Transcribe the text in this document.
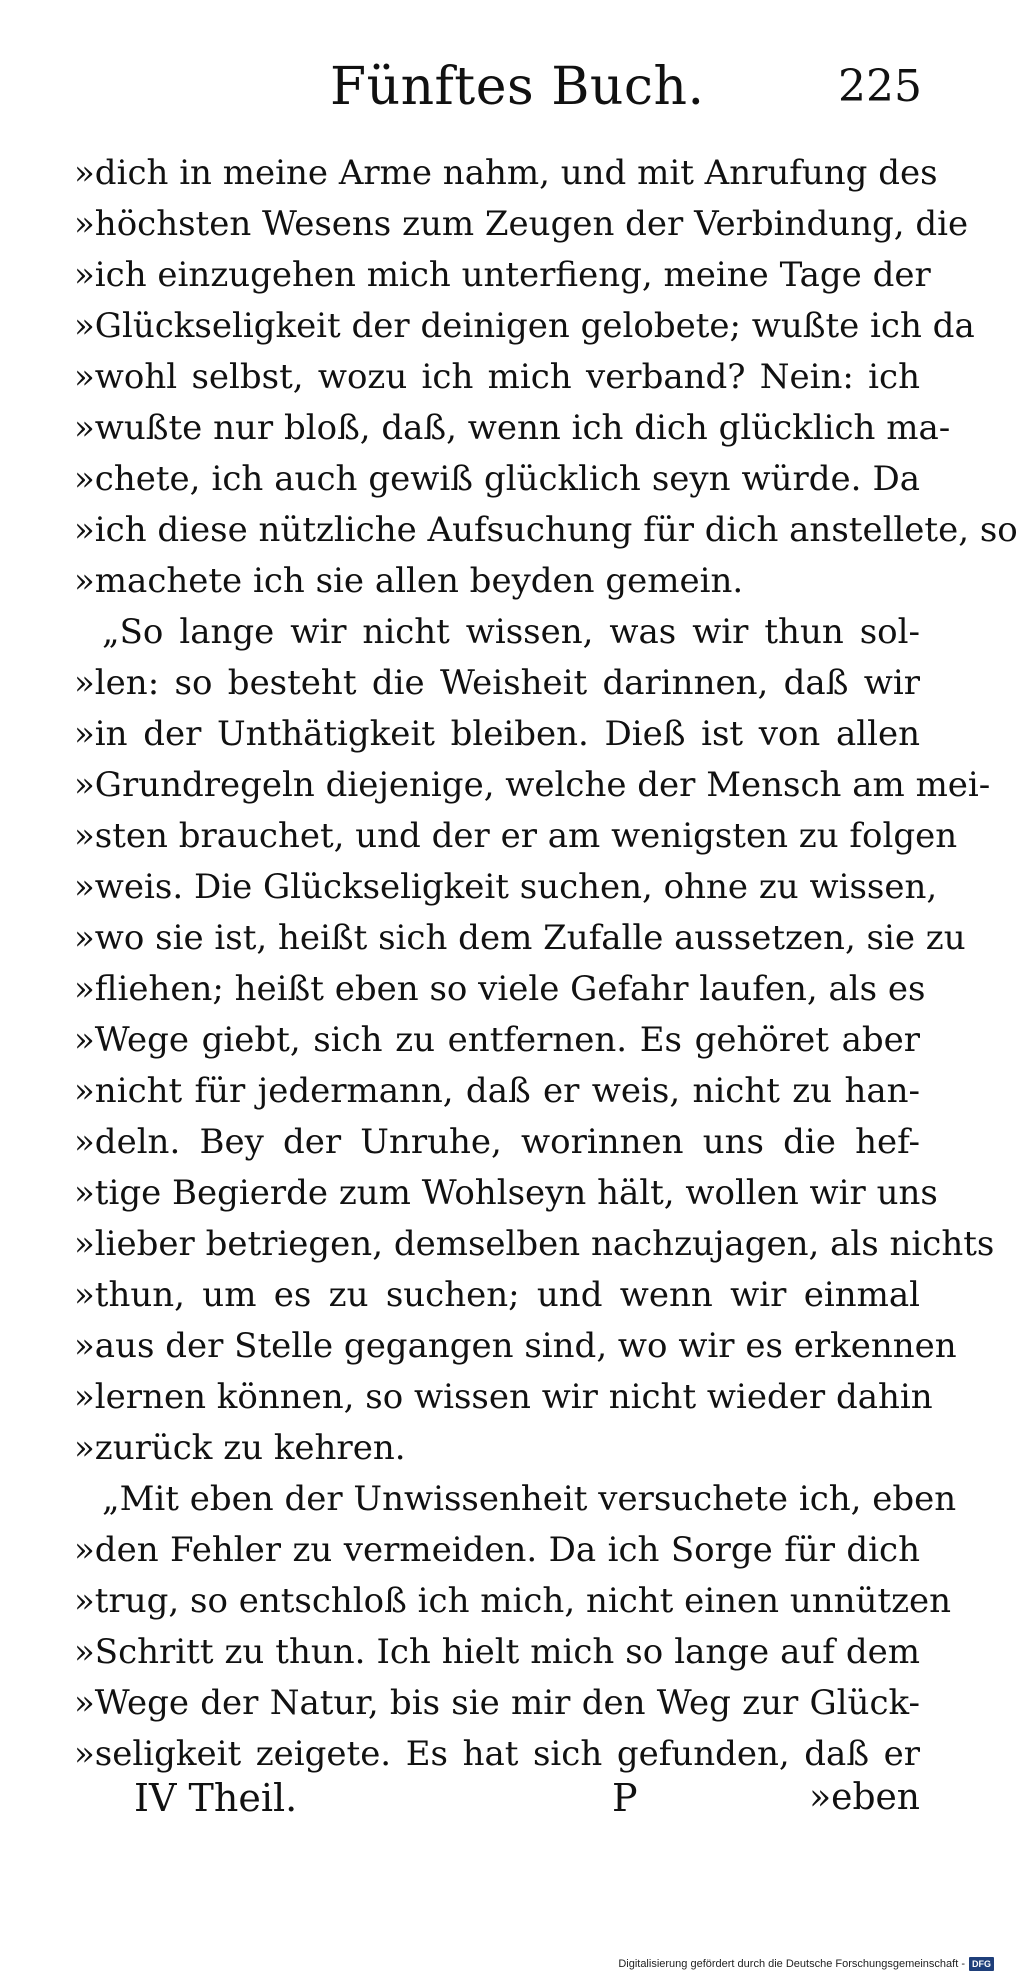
Fünftes Buch.	225
»dich in meine Arme nahm, und mit Anrufung des
»höchsten Wesens zum Zeugen der Verbindung, die
»ich einzugehen mich unterfieng, meine Tage der
»Glückseligkeit der deinigen gelobete; wußte ich da
»wohl selbst, wozu ich mich verband? Nein: ich
»wußte nur bloß, daß, wenn ich dich glücklich ma-
»chete, ich auch gewiß glücklich seyn würde. Da
»ich diese nützliche Aufsuchung für dich anstellete, so
»machete ich sie allen beyden gemein.
„So lange wir nicht wissen, was wir thun sol-
»len: so besteht die Weisheit darinnen, daß wir
»in der Unthätigkeit bleiben. Dieß ist von allen
»Grundregeln diejenige, welche der Mensch am mei-
»sten brauchet, und der er am wenigsten zu folgen
»weis. Die Glückseligkeit suchen, ohne zu wissen,
»wo sie ist, heißt sich dem Zufalle aussetzen, sie zu
»fliehen; heißt eben so viele Gefahr laufen, als es
»Wege giebt, sich zu entfernen. Es gehöret aber
»nicht für jedermann, daß er weis, nicht zu han-
»deln. Bey der Unruhe, worinnen uns die hef-
»tige Begierde zum Wohlseyn hält, wollen wir uns
»lieber betriegen, demselben nachzujagen, als nichts
»thun, um es zu suchen; und wenn wir einmal
»aus der Stelle gegangen sind, wo wir es erkennen
»lernen können, so wissen wir nicht wieder dahin
»zurück zu kehren.
„Mit eben der Unwissenheit versuchete ich, eben
»den Fehler zu vermeiden. Da ich Sorge für dich
»trug, so entschloß ich mich, nicht einen unnützen
»Schritt zu thun. Ich hielt mich so lange auf dem
»Wege der Natur, bis sie mir den Weg zur Glück-
»seligkeit zeigete. Es hat sich gefunden, daß er
IV Theil.	P	»eben
Digitalisierung gefördert durch die Deutsche Forschungsgemeinschaft - DFG
